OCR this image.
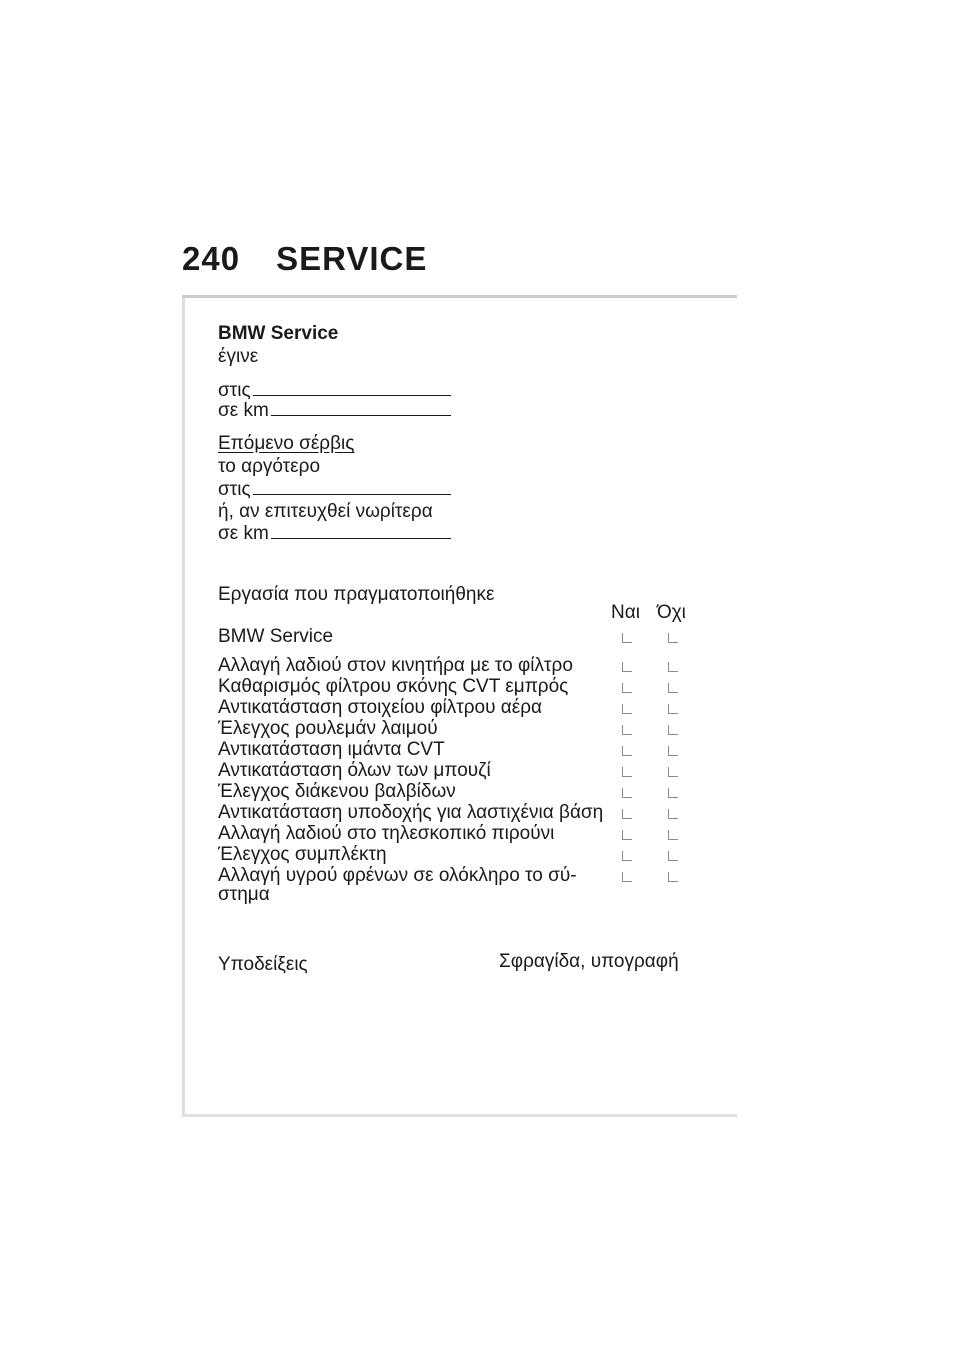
240 SERVICE
BMW Service
έγινε
στις
σε km
Επόμενο σέρβις
το αργότερο
στις
ή, αν επιτευχθεί νωρίτερα
σε km
Εργασία που πραγματοποιήθηκε
Ναι Όχι
BMW Service
Αλλαγή λαδιού στον κινητήρα με το φίλτρο
Καθαρισμός φίλτρου σκόνης CVT εμπρός
Αντικατάσταση στοιχείου φίλτρου αέρα
Έλεγχος ρουλεμάν λαιμού
Αντικατάσταση ιμάντα CVT
Αντικατάσταση όλων των μπουζί
Έλεγχος διάκενου βαλβίδων
Αντικατάσταση υποδοχής για λαστιχένια βάση
Αλλαγή λαδιού στο τηλεσκοπικό πιρούνι
Έλεγχος συμπλέκτη
Αλλαγή υγρού φρένων σε ολόκληρο το σύ-
στημα
Υποδείξεις	Σφραγίδα, υπογραφή
